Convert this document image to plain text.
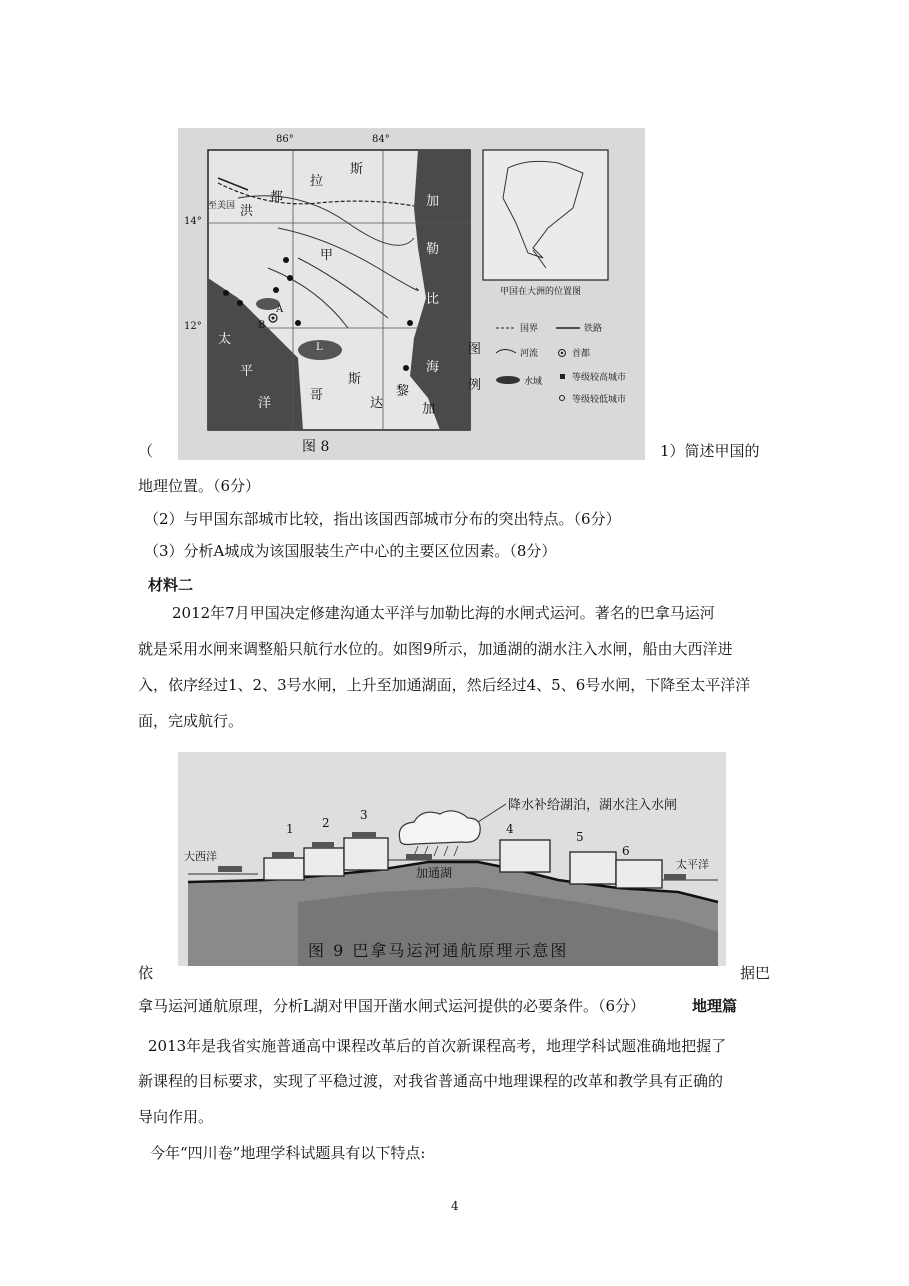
86°	84°
14°
12°
洪
都
拉
斯
至美国	加
勒
比
海
太
平
洋
哥
斯
达
黎
加
甲
A
B
L
甲国在大洲的位置图
图
例
国界	铁路
河流	首都
等级较高城市
水域
等级较低城市
图 8
（	1）简述甲国的
地理位置。（6分）
（2）与甲国东部城市比较，指出该国西部城市分布的突出特点。（6分）
（3）分析A城成为该国服装生产中心的主要区位因素。（8分）
材料二
2012年7月甲国决定修建沟通太平洋与加勒比海的水闸式运河。著名的巴拿马运河
就是采用水闸来调整船只航行水位的。如图9所示，加通湖的湖水注入水闸，船由大西洋进
入，依序经过1、2、3号水闸，上升至加通湖面，然后经过4、5、6号水闸，下降至太平洋洋
面，完成航行。
降水补给湖泊，湖水注入水闸
大西洋
太平洋
加通湖
1 2
3
4
5
6
图 9 巴拿马运河通航原理示意图
依	据巴
拿马运河通航原理，分析L湖对甲国开凿水闸式运河提供的必要条件。（6分）	地理篇
2013年是我省实施普通高中课程改革后的首次新课程高考，地理学科试题准确地把握了
新课程的目标要求，实现了平稳过渡，对我省普通高中地理课程的改革和教学具有正确的
导向作用。
今年“四川卷”地理学科试题具有以下特点:
4
